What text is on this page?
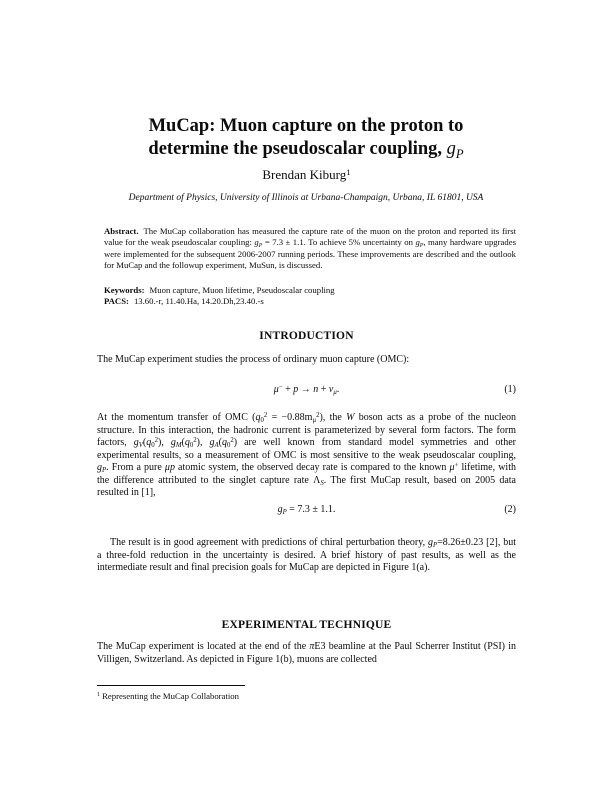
MuCap: Muon capture on the proton to
determine the pseudoscalar coupling, $g_P$
Brendan Kiburg$^1$
Department of Physics, University of Illinois at Urbana-Champaign, Urbana, IL 61801, USA

Abstract. The MuCap collaboration has measured the capture rate of the muon on the proton and reported its first value for the weak pseudoscalar coupling: $g_P = 7.3 \pm 1.1$. To achieve 5% uncertainty on $g_P$, many hardware upgrades were implemented for the subsequent 2006-2007 running periods. These improvements are described and the outlook for MuCap and the followup experiment, MuSun, is discussed.

Keywords: Muon capture, Muon lifetime, Pseudoscalar coupling

PACS: 13.60.-r, 11.40.Ha, 14.20.Dh,23.40.-s

INTRODUCTION

The MuCap experiment studies the process of ordinary muon capture (OMC):

$\mu^- + p \to n + \nu_\mu$.	(1)

At the momentum transfer of OMC $(q_0^2 = -0.88m_\mu^2)$, the W boson acts as a probe of the nucleon structure. In this interaction, the hadronic current is parameterized by several form factors. The form factors, $g_V(q_0^2)$, $g_M(q_0^2)$, $g_A(q_0^2)$ are well known from standard model symmetries and other experimental results, so a measurement of OMC is most sensitive to the weak pseudoscalar coupling, $g_P$. From a pure μp atomic system, the observed decay rate is compared to the known μ+ lifetime, with the difference attributed to the singlet capture rate $\Lambda_S$. The first MuCap result, based on 2005 data resulted in [1],

$g_P = 7.3 \pm 1.1$.	(2)

The result is in good agreement with predictions of chiral perturbation theory, $g_P=8.26\pm 0.23$ [2], but a three-fold reduction in the uncertainty is desired. A brief history of past results, as well as the intermediate result and final precision goals for MuCap are depicted in Figure 1(a).

EXPERIMENTAL TECHNIQUE

The MuCap experiment is located at the end of the πE3 beamline at the Paul Scherrer Institut (PSI) in Villigen, Switzerland. As depicted in Figure 1(b), muons are collected

$^1$ Representing the MuCap Collaboration
